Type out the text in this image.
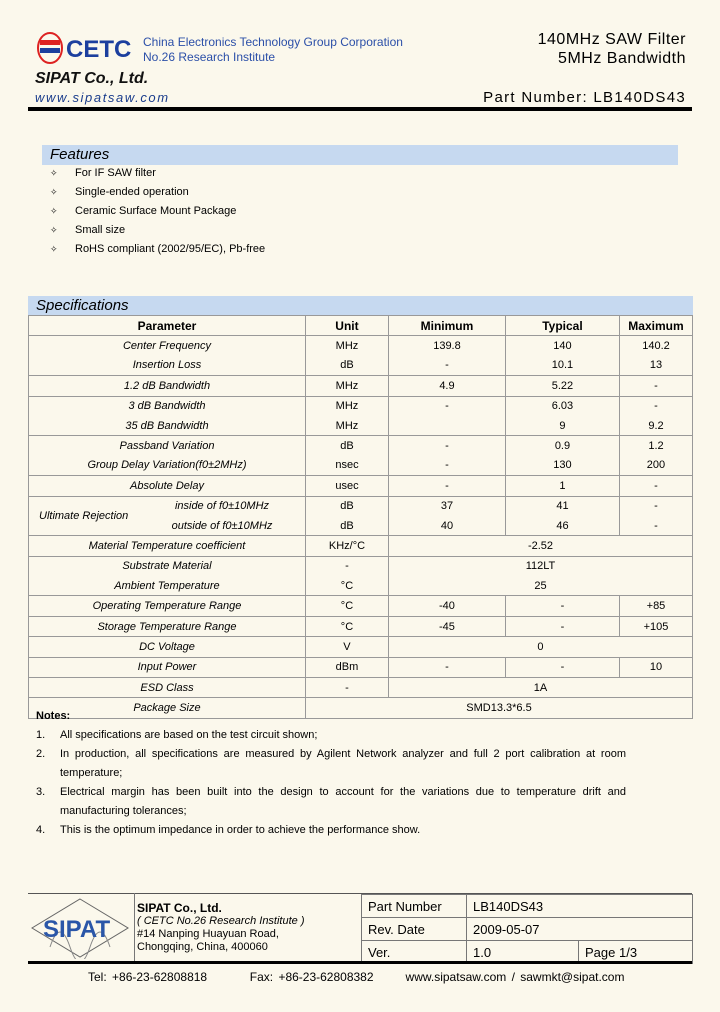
CETC China Electronics Technology Group Corporation
No.26 Research Institute
140MHz SAW Filter
5MHz Bandwidth
SIPAT Co., Ltd.
www.sipatsaw.com	Part Number: LB140DS43
Features
✧ For IF SAW filter
✧ Single-ended operation
✧ Ceramic Surface Mount Package
✧ Small size
✧ RoHS compliant (2002/95/EC), Pb-free
Specifications
Parameter		Unit	Minimum	Typical	Maximum
Center Frequency		MHz	139.8	140	140.2
Insertion Loss		dB	-	10.1	13
1.2 dB Bandwidth		MHz	4.9	5.22	-
3 dB Bandwidth		MHz	-	6.03	-
35 dB Bandwidth		MHz		9	9.2
Passband Variation		dB	-	0.9	1.2
Group Delay Variation(f0±2MHz)		nsec	-	130	200
Absolute Delay		usec	-	1	-
Ultimate Rejection	inside of f0±10MHz	dB	37	41	-
	outside of f0±10MHz	dB	40	46	-
Material Temperature coefficient		KHz/°C	-2.52		
Substrate Material		-	112LT		
Ambient Temperature		°C	25		
Operating Temperature Range		°C	-40	-	+85
Storage Temperature Range		°C	-45	-	+105
DC Voltage		V	0		
Input Power		dBm	-	-	10
ESD Class		-	1A		
Package Size		SMD13.3*6.5			
Notes:
1.	All specifications are based on the test circuit shown;
2.	In production, all specifications are measured by Agilent Network analyzer and full 2 port calibration at room temperature;
3.	Electrical margin has been built into the design to account for the variations due to temperature drift and manufacturing tolerances;
4.	This is the optimum impedance in order to achieve the performance show.
SIPAT
SIPAT Co., Ltd.
( CETC No.26 Research Institute )
#14 Nanping Huayuan Road,
Chongqing, China, 400060
Part Number	LB140DS43	
Rev. Date	2009-05-07	
Ver.	1.0	Page 1/3
Tel: +86-23-62808818	Fax: +86-23-62808382	www.sipatsaw.com / sawmkt@sipat.com
